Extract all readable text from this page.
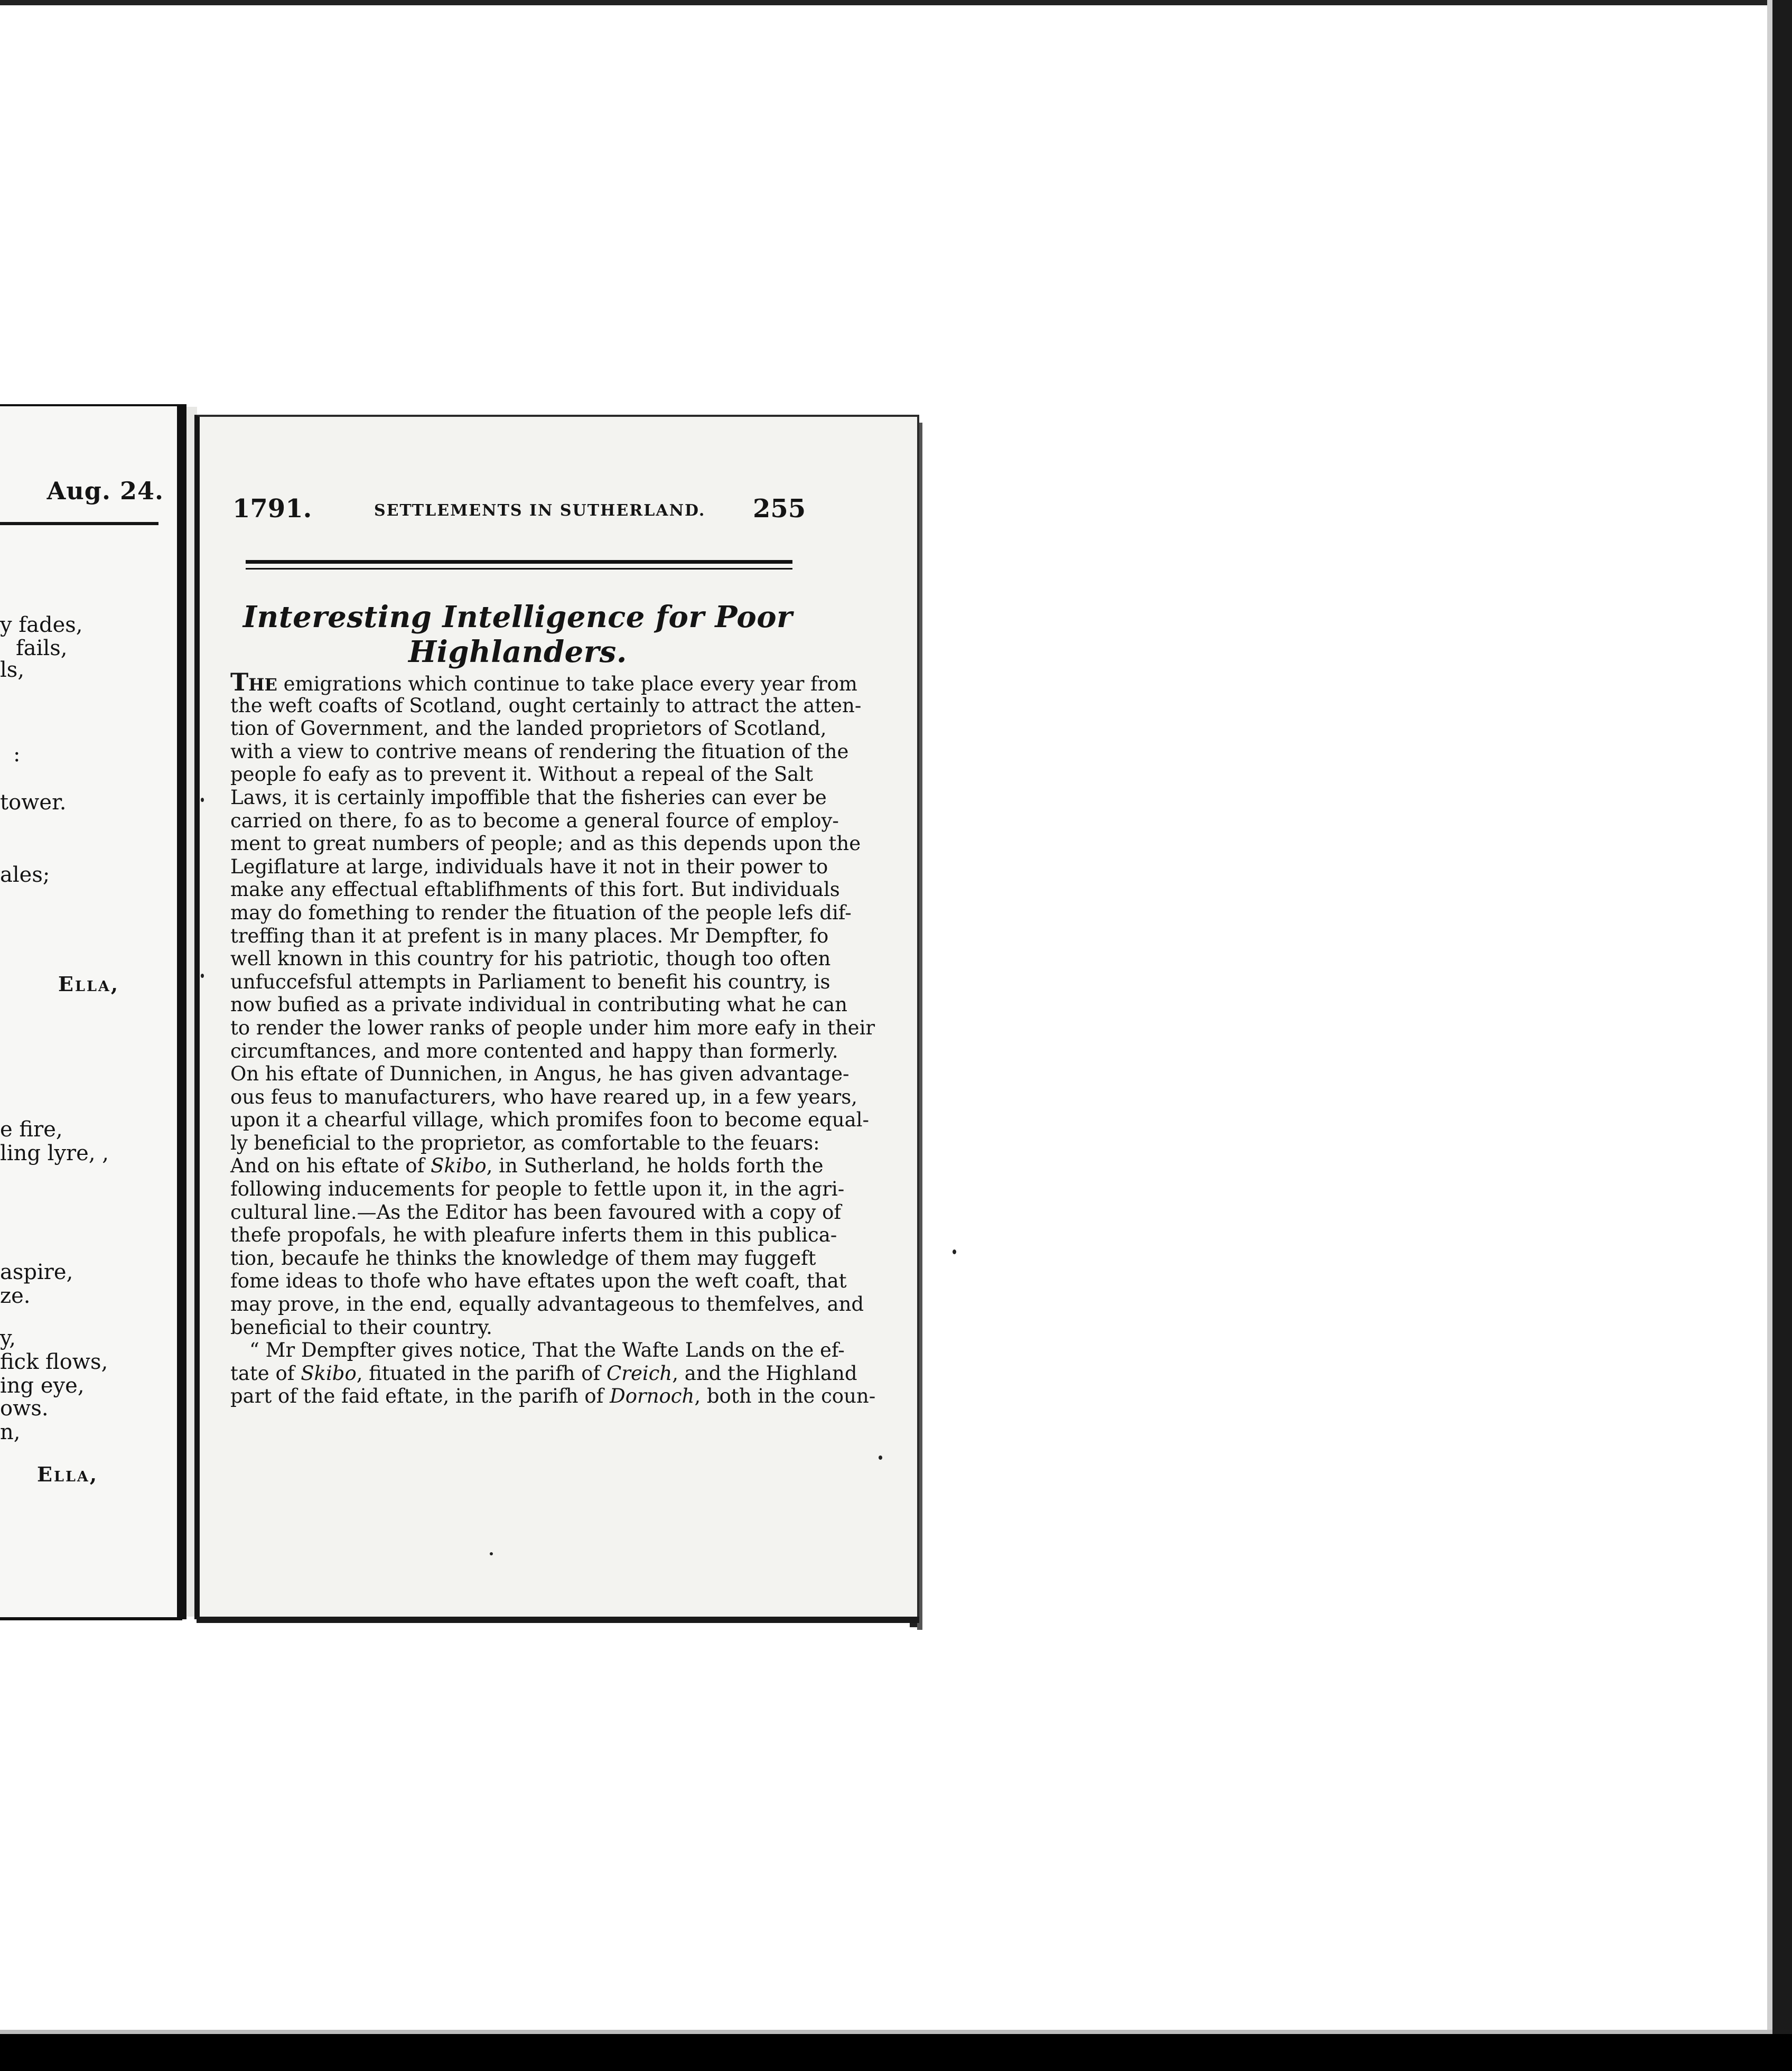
Aug. 24.
y fades,
fails,
ls,
:
tower.
ales;
e fire,
ling lyre, ,
aspire,
ze.
y,
fick flows,
ing eye,
ows.
n,
Ella,
Ella,
1791.	SETTLEMENTS IN SUTHERLAND. 255
Interesting Intelligence for Poor Highlanders.
The emigrations which continue to take place every year from
the weft coafts of Scotland, ought certainly to attract the atten-
tion of Government, and the landed proprietors of Scotland,
with a view to contrive means of rendering the fituation of the
people fo eafy as to prevent it. Without a repeal of the Salt
Laws, it is certainly impoffible that the fisheries can ever be
carried on there, fo as to become a general fource of employ-
ment to great numbers of people; and as this depends upon the
Legiflature at large, individuals have it not in their power to
make any effectual eftablifhments of this fort. But individuals
may do fomething to render the fituation of the people lefs dif-
treffing than it at prefent is in many places. Mr Dempfter, fo
well known in this country for his patriotic, though too often
unfuccefsful attempts in Parliament to benefit his country, is
now bufied as a private individual in contributing what he can
to render the lower ranks of people under him more eafy in their
circumftances, and more contented and happy than formerly.
On his eftate of Dunnichen, in Angus, he has given advantage-
ous feus to manufacturers, who have reared up, in a few years,
upon it a chearful village, which promifes foon to become equal-
ly beneficial to the proprietor, as comfortable to the feuars:
And on his eftate of Skibo, in Sutherland, he holds forth the
following inducements for people to fettle upon it, in the agri-
cultural line.—As the Editor has been favoured with a copy of
thefe propofals, he with pleafure inferts them in this publica-
tion, becaufe he thinks the knowledge of them may fuggeft
fome ideas to thofe who have eftates upon the weft coaft, that
may prove, in the end, equally advantageous to themfelves, and
beneficial to their country.
“ Mr Dempfter gives notice, That the Wafte Lands on the ef-
tate of Skibo, fituated in the parifh of Creich, and the Highland
part of the faid eftate, in the parifh of Dornoch, both in the coun-
